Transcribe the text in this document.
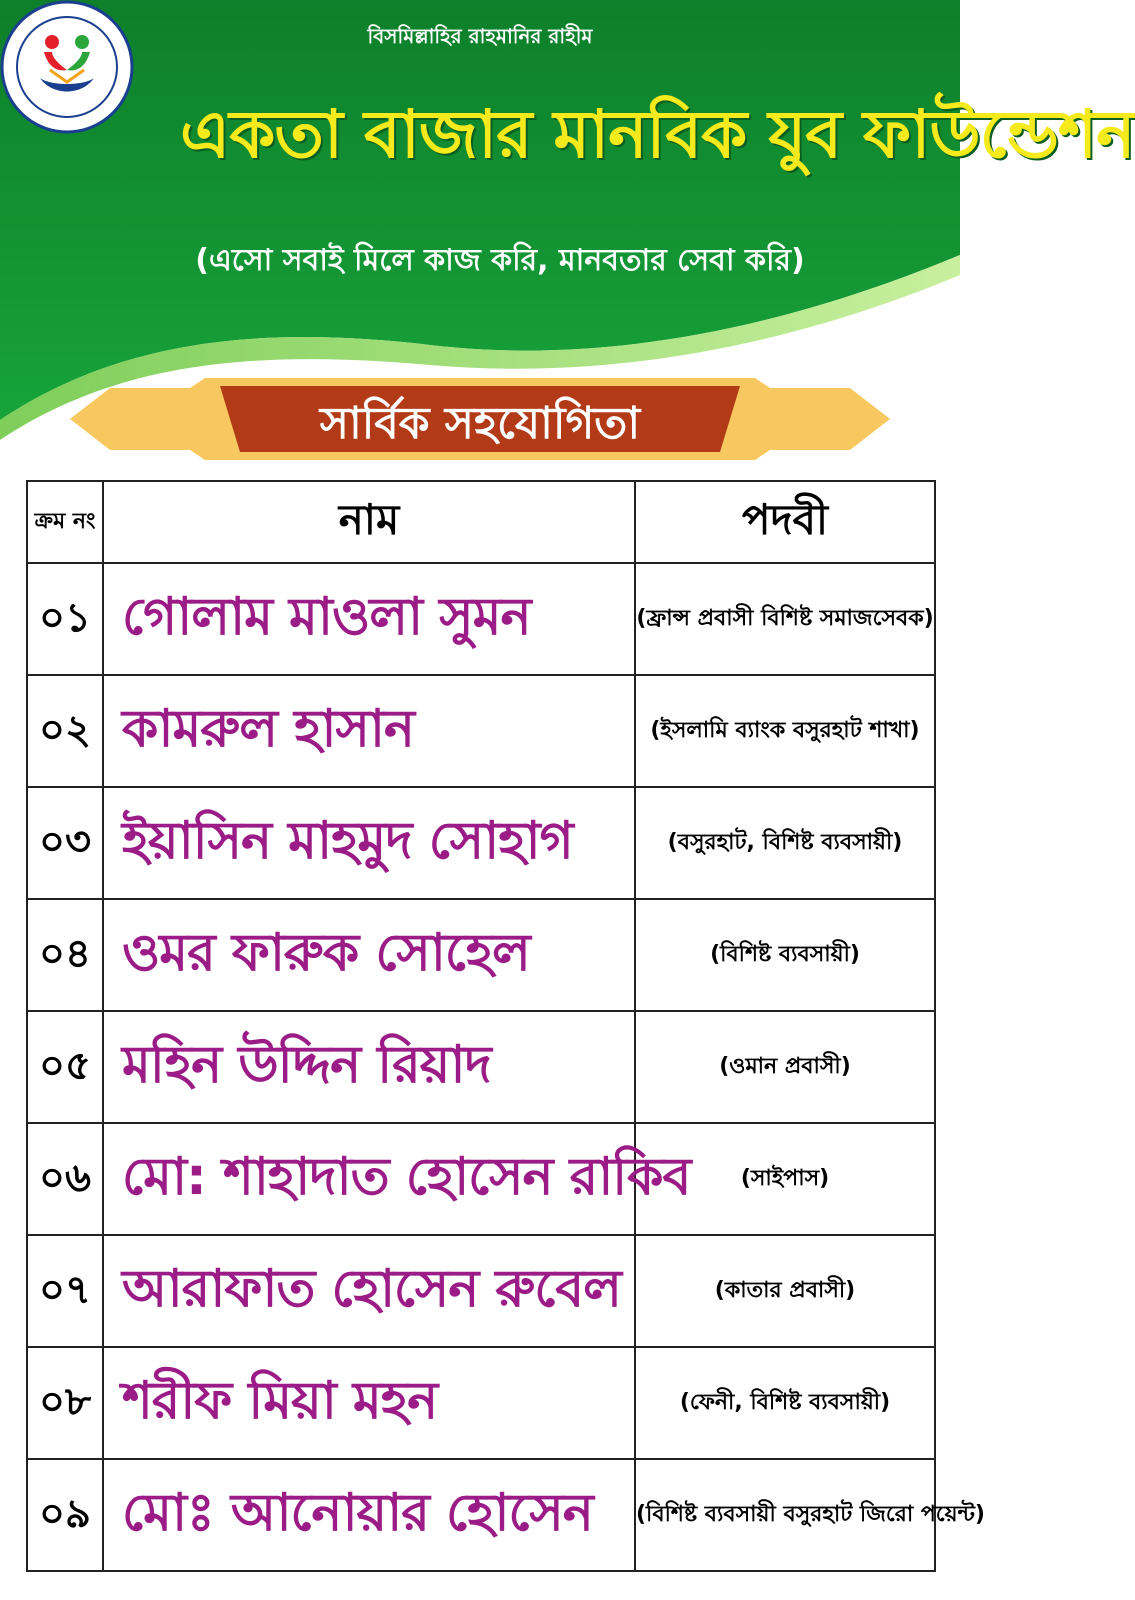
বিসমিল্লাহির রাহমানির রাহীম
একতা বাজার মানবিক যুব ফাউন্ডেশন
(এসো সবাই মিলে কাজ করি, মানবতার সেবা করি)
সার্বিক সহযোগিতা
ক্রম নং	নাম	পদবী
০১	গোলাম মাওলা সুমন	(ফ্রান্স প্রবাসী বিশিষ্ট সমাজসেবক)
০২	কামরুল হাসান	(ইসলামি ব্যাংক বসুরহাট শাখা)
০৩	ইয়াসিন মাহমুদ সোহাগ	(বসুরহাট, বিশিষ্ট ব্যবসায়ী)
০৪	ওমর ফারুক সোহেল	(বিশিষ্ট ব্যবসায়ী)
০৫	মহিন উদ্দিন রিয়াদ	(ওমান প্রবাসী)
০৬	মো: শাহাদাত হোসেন রাকিব	(সাইপাস)
০৭	আরাফাত হোসেন রুবেল	(কাতার প্রবাসী)
০৮	শরীফ মিয়া মহন	(ফেনী, বিশিষ্ট ব্যবসায়ী)
০৯	মোঃ আনোয়ার হোসেন	(বিশিষ্ট ব্যবসায়ী বসুরহাট জিরো পয়েন্ট)
